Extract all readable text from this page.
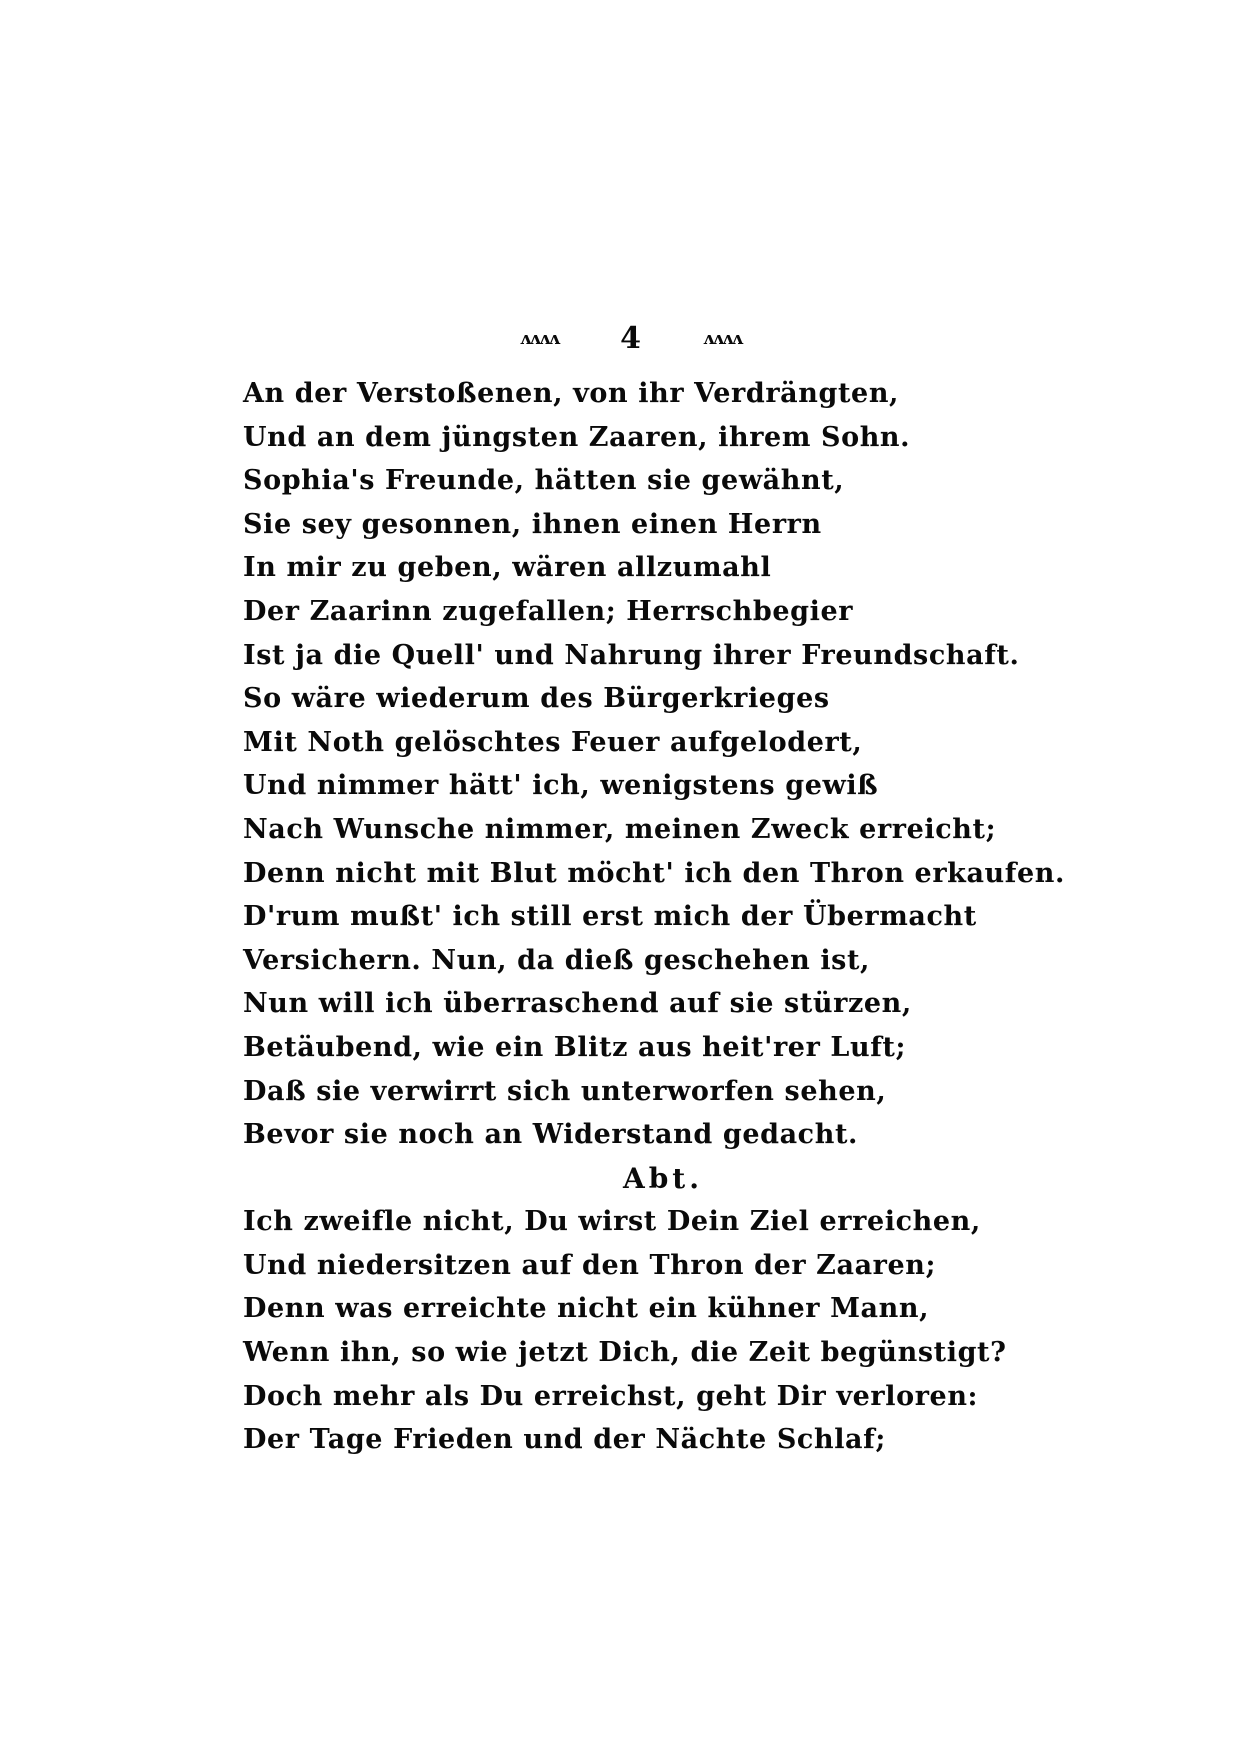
ʌʌʌʌ 4	ʌʌʌʌ
An der Verstoßenen, von ihr Verdrängten,
Und an dem jüngsten Zaaren, ihrem Sohn.
Sophia's Freunde, hätten sie gewähnt,
Sie sey gesonnen, ihnen einen Herrn
In mir zu geben, wären allzumahl
Der Zaarinn zugefallen; Herrschbegier
Ist ja die Quell' und Nahrung ihrer Freundschaft.
So wäre wiederum des Bürgerkrieges
Mit Noth gelöschtes Feuer aufgelodert,
Und nimmer hätt' ich, wenigstens gewiß
Nach Wunsche nimmer, meinen Zweck erreicht;
Denn nicht mit Blut möcht' ich den Thron erkaufen.
D'rum mußt' ich still erst mich der Übermacht
Versichern. Nun, da dieß geschehen ist,
Nun will ich überraschend auf sie stürzen,
Betäubend, wie ein Blitz aus heit'rer Luft;
Daß sie verwirrt sich unterworfen sehen,
Bevor sie noch an Widerstand gedacht.
Abt.
Ich zweifle nicht, Du wirst Dein Ziel erreichen,
Und niedersitzen auf den Thron der Zaaren;
Denn was erreichte nicht ein kühner Mann,
Wenn ihn, so wie jetzt Dich, die Zeit begünstigt?
Doch mehr als Du erreichst, geht Dir verloren:
Der Tage Frieden und der Nächte Schlaf;
